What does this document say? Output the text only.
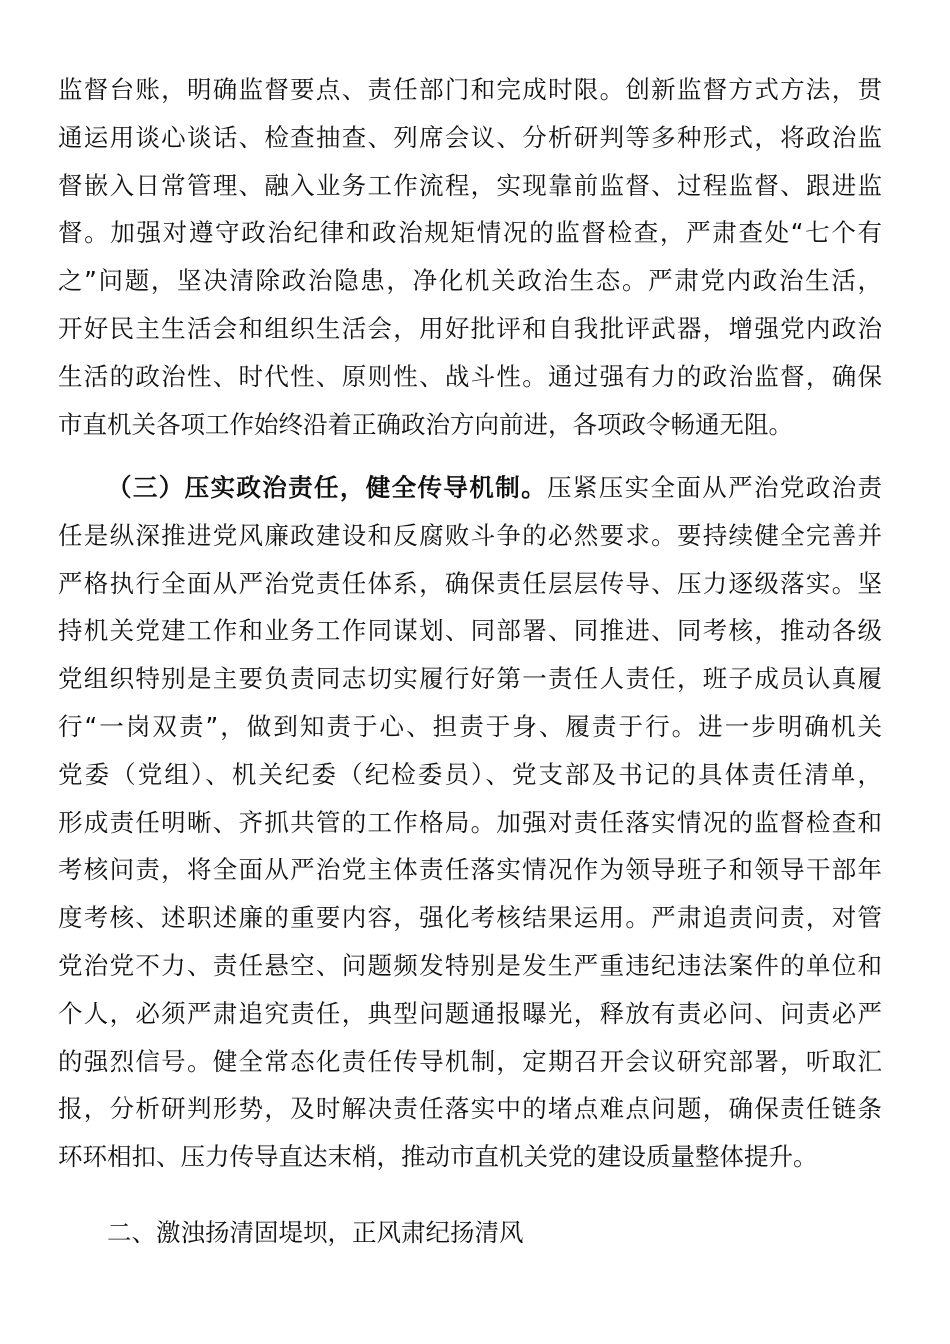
监督台账，明确监督要点、责任部门和完成时限。创新监督方式方法，贯
通运用谈心谈话、检查抽查、列席会议、分析研判等多种形式，将政治监
督嵌入日常管理、融入业务工作流程，实现靠前监督、过程监督、跟进监
督。加强对遵守政治纪律和政治规矩情况的监督检查，严肃查处“七个有
之”问题，坚决清除政治隐患，净化机关政治生态。严肃党内政治生活，
开好民主生活会和组织生活会，用好批评和自我批评武器，增强党内政治
生活的政治性、时代性、原则性、战斗性。通过强有力的政治监督，确保
市直机关各项工作始终沿着正确政治方向前进，各项政令畅通无阻。
（三）压实政治责任，健全传导机制。压紧压实全面从严治党政治责
任是纵深推进党风廉政建设和反腐败斗争的必然要求。要持续健全完善并
严格执行全面从严治党责任体系，确保责任层层传导、压力逐级落实。坚
持机关党建工作和业务工作同谋划、同部署、同推进、同考核，推动各级
党组织特别是主要负责同志切实履行好第一责任人责任，班子成员认真履
行“一岗双责”，做到知责于心、担责于身、履责于行。进一步明确机关
党委（党组）、机关纪委（纪检委员）、党支部及书记的具体责任清单，
形成责任明晰、齐抓共管的工作格局。加强对责任落实情况的监督检查和
考核问责，将全面从严治党主体责任落实情况作为领导班子和领导干部年
度考核、述职述廉的重要内容，强化考核结果运用。严肃追责问责，对管
党治党不力、责任悬空、问题频发特别是发生严重违纪违法案件的单位和
个人，必须严肃追究责任，典型问题通报曝光，释放有责必问、问责必严
的强烈信号。健全常态化责任传导机制，定期召开会议研究部署，听取汇
报，分析研判形势，及时解决责任落实中的堵点难点问题，确保责任链条
环环相扣、压力传导直达末梢，推动市直机关党的建设质量整体提升。
二、激浊扬清固堤坝，正风肃纪扬清风
